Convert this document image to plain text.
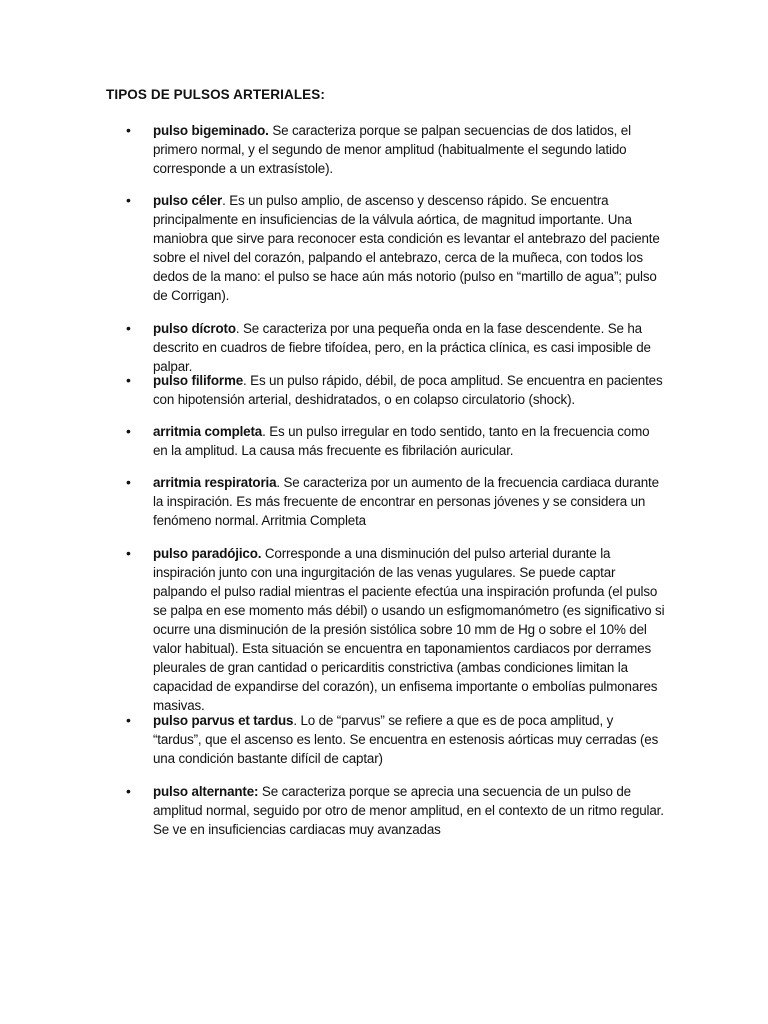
TIPOS DE PULSOS ARTERIALES:
• pulso bigeminado. Se caracteriza porque se palpan secuencias de dos latidos, el primero normal, y el segundo de menor amplitud (habitualmente el segundo latido corresponde a un extrasístole).
• pulso céler. Es un pulso amplio, de ascenso y descenso rápido. Se encuentra principalmente en insuficiencias de la válvula aórtica, de magnitud importante. Una maniobra que sirve para reconocer esta condición es levantar el antebrazo del paciente sobre el nivel del corazón, palpando el antebrazo, cerca de la muñeca, con todos los dedos de la mano: el pulso se hace aún más notorio (pulso en “martillo de agua”; pulso de Corrigan).
• pulso dícroto. Se caracteriza por una pequeña onda en la fase descendente. Se ha descrito en cuadros de fiebre tifoídea, pero, en la práctica clínica, es casi imposible de palpar.
• pulso filiforme. Es un pulso rápido, débil, de poca amplitud. Se encuentra en pacientes con hipotensión arterial, deshidratados, o en colapso circulatorio (shock).
• arritmia completa. Es un pulso irregular en todo sentido, tanto en la frecuencia como en la amplitud. La causa más frecuente es fibrilación auricular.
• arritmia respiratoria. Se caracteriza por un aumento de la frecuencia cardiaca durante la inspiración. Es más frecuente de encontrar en personas jóvenes y se considera un fenómeno normal. Arritmia Completa
• pulso paradójico. Corresponde a una disminución del pulso arterial durante la inspiración junto con una ingurgitación de las venas yugulares. Se puede captar palpando el pulso radial mientras el paciente efectúa una inspiración profunda (el pulso se palpa en ese momento más débil) o usando un esfigmomanómetro (es significativo si ocurre una disminución de la presión sistólica sobre 10 mm de Hg o sobre el 10% del valor habitual). Esta situación se encuentra en taponamientos cardiacos por derrames pleurales de gran cantidad o pericarditis constrictiva (ambas condiciones limitan la capacidad de expandirse del corazón), un enfisema importante o embolías pulmonares masivas.
• pulso parvus et tardus. Lo de “parvus” se refiere a que es de poca amplitud, y “tardus”, que el ascenso es lento. Se encuentra en estenosis aórticas muy cerradas (es una condición bastante difícil de captar)
• pulso alternante: Se caracteriza porque se aprecia una secuencia de un pulso de amplitud normal, seguido por otro de menor amplitud, en el contexto de un ritmo regular. Se ve en insuficiencias cardiacas muy avanzadas
